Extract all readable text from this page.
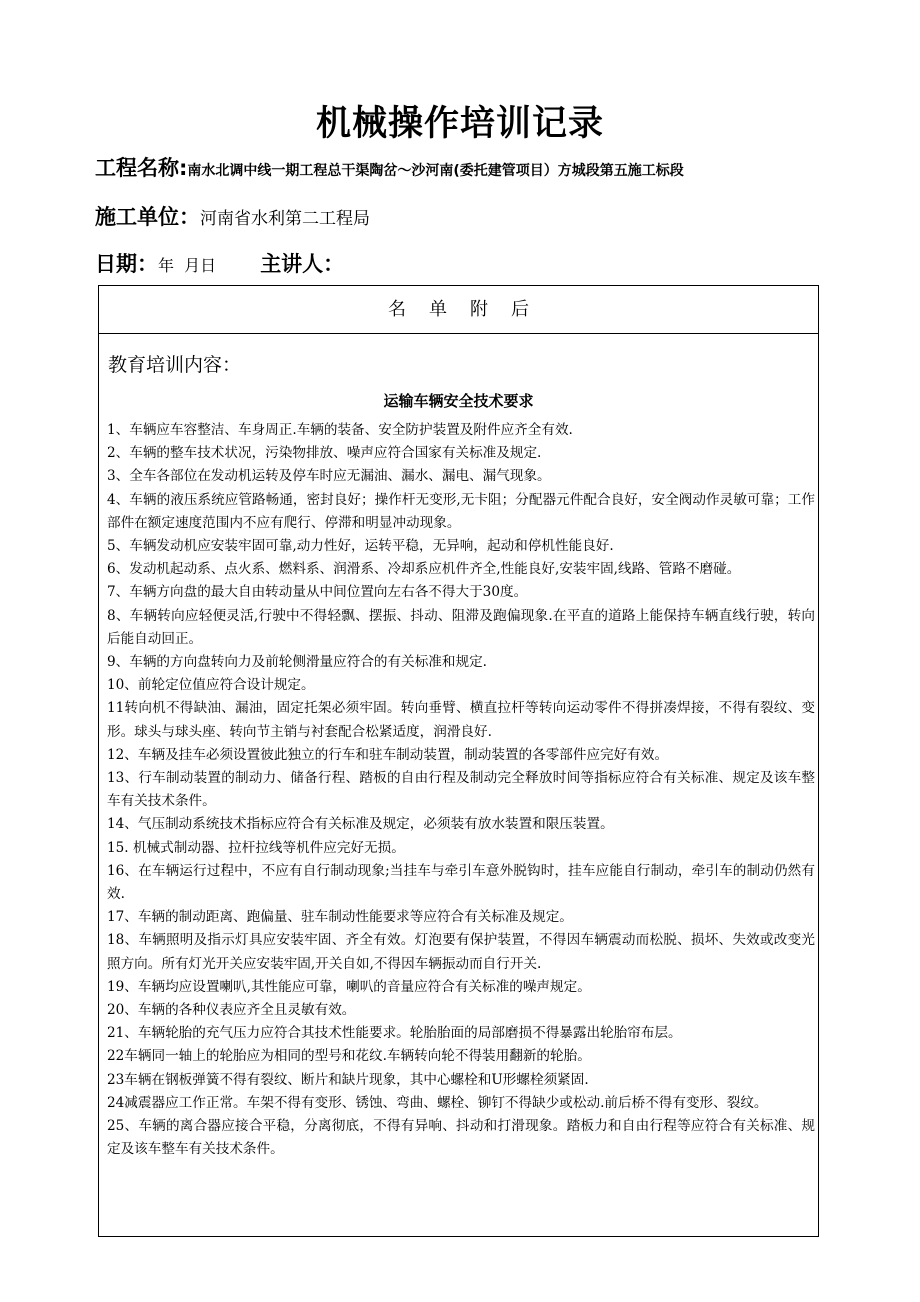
机械操作培训记录
工程名称:南水北调中线一期工程总干渠陶岔～沙河南(委托建管项目）方城段第五施工标段
施工单位：河南省水利第二工程局
日期：年  月日 主讲人：
名单附后
教育培训内容：
运输车辆安全技术要求

1、车辆应车容整洁、车身周正.车辆的装备、安全防护装置及附件应齐全有效.

2、车辆的整车技术状况，污染物排放、噪声应符合国家有关标准及规定.

3、全车各部位在发动机运转及停车时应无漏油、漏水、漏电、漏气现象。

4、车辆的液压系统应管路畅通，密封良好；操作杆无变形,无卡阻；分配器元件配合良好，安全阀动作灵敏可靠；工作部件在额定速度范围内不应有爬行、停滞和明显冲动现象。

5、车辆发动机应安装牢固可靠,动力性好，运转平稳，无异响，起动和停机性能良好.

6、发动机起动系、点火系、燃料系、润滑系、冷却系应机件齐全,性能良好,安装牢固,线路、管路不磨碰。

7、车辆方向盘的最大自由转动量从中间位置向左右各不得大于30度。

8、车辆转向应轻便灵活,行驶中不得轻飘、摆振、抖动、阻滞及跑偏现象.在平直的道路上能保持车辆直线行驶，转向后能自动回正。

9、车辆的方向盘转向力及前轮侧滑量应符合的有关标准和规定.

10、前轮定位值应符合设计规定。

11转向机不得缺油、漏油，固定托架必须牢固。转向垂臂、横直拉杆等转向运动零件不得拼凑焊接，不得有裂纹、变形。球头与球头座、转向节主销与衬套配合松紧适度，润滑良好.

12、车辆及挂车必须设置彼此独立的行车和驻车制动装置，制动装置的各零部件应完好有效。

13、行车制动装置的制动力、储备行程、踏板的自由行程及制动完全释放时间等指标应符合有关标准、规定及该车整车有关技术条件。

14、气压制动系统技术指标应符合有关标准及规定，必须装有放水装置和限压装置。

15. 机械式制动器、拉杆拉线等机件应完好无损。

16、在车辆运行过程中，不应有自行制动现象;当挂车与牵引车意外脱钩时，挂车应能自行制动，牵引车的制动仍然有效.

17、车辆的制动距离、跑偏量、驻车制动性能要求等应符合有关标准及规定。

18、车辆照明及指示灯具应安装牢固、齐全有效。灯泡要有保护装置，不得因车辆震动而松脱、损坏、失效或改变光照方向。所有灯光开关应安装牢固,开关自如,不得因车辆振动而自行开关.

19、车辆均应设置喇叭,其性能应可靠，喇叭的音量应符合有关标准的噪声规定。

20、车辆的各种仪表应齐全且灵敏有效。

21、车辆轮胎的充气压力应符合其技术性能要求。轮胎胎面的局部磨损不得暴露出轮胎帘布层。

22车辆同一轴上的轮胎应为相同的型号和花纹.车辆转向轮不得装用翻新的轮胎。

23车辆在钢板弹簧不得有裂纹、断片和缺片现象，其中心螺栓和U形螺栓须紧固.

24减震器应工作正常。车架不得有变形、锈蚀、弯曲、螺栓、铆钉不得缺少或松动.前后桥不得有变形、裂纹。

25、车辆的离合器应接合平稳，分离彻底，不得有异响、抖动和打滑现象。踏板力和自由行程等应符合有关标准、规定及该车整车有关技术条件。
